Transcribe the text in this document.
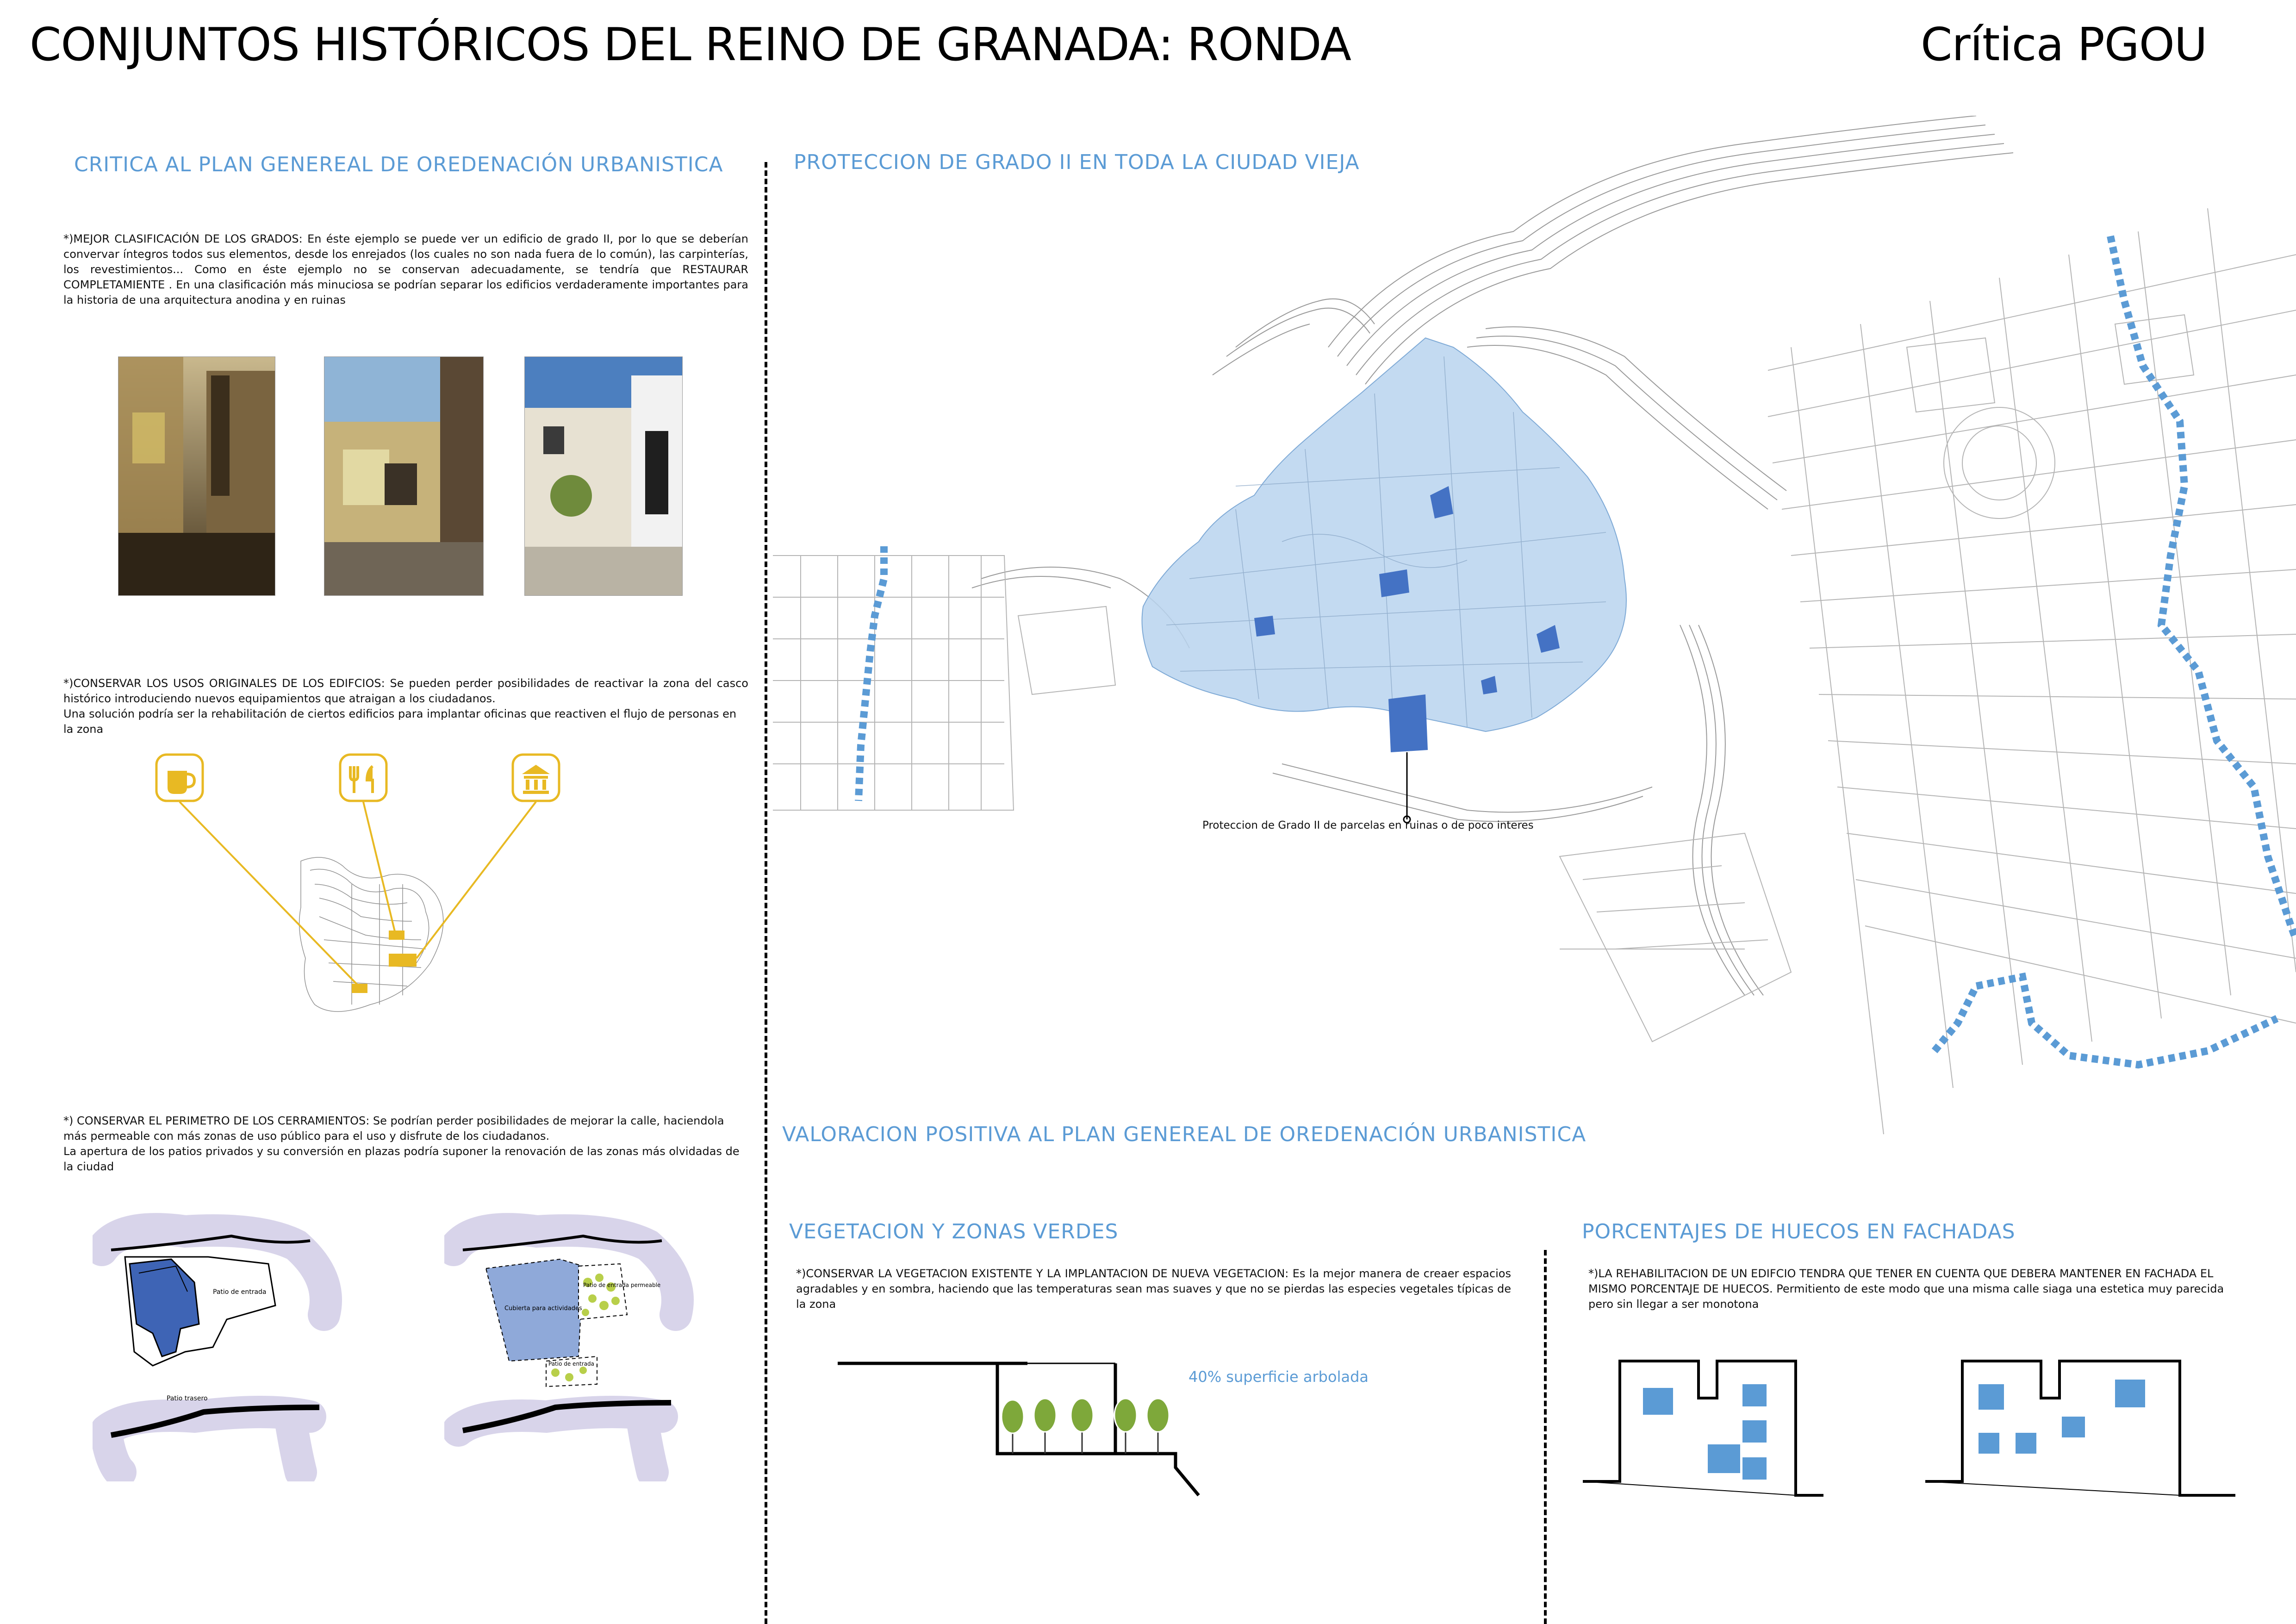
CONJUNTOS HISTÓRICOS DEL REINO DE GRANADA: RONDA	Crítica PGOU
CRITICA AL PLAN GENEREAL DE OREDENACIÓN URBANISTICA
*)MEJOR CLASIFICACIÓN DE LOS GRADOS: En éste ejemplo se puede ver un edificio de grado II, por lo que se deberían convervar íntegros todos sus elementos, desde los enrejados (los cuales no son nada fuera de lo común), las carpinterías, los revestimientos... Como en éste ejemplo no se conservan adecuadamente, se tendría que RESTAURAR COMPLETAMIENTE . En una clasificación más minuciosa se podrían separar los edificios verdaderamente importantes para la historia de una arquitectura anodina y en ruinas
*)CONSERVAR LOS USOS ORIGINALES DE LOS EDIFCIOS: Se pueden perder posibilidades de reactivar la zona del casco histórico introduciendo nuevos equipamientos que atraigan a los ciudadanos.
Una solución podría ser la rehabilitación de ciertos edificios para implantar oficinas que reactiven el flujo de personas en la zona
*) CONSERVAR EL PERIMETRO DE LOS CERRAMIENTOS: Se podrían perder posibilidades de mejorar la calle, haciendola más permeable con más zonas de uso público para el uso y disfrute de los ciudadanos.
La apertura de los patios privados y su conversión en plazas podría suponer la renovación de las zonas más olvidadas de la ciudad
Patio de entrada
Patio trasero
Cubierta para actividades
Patio de entrada permeable
Patio de entrada
PROTECCION DE GRADO II EN TODA LA CIUDAD VIEJA
Proteccion de Grado II de parcelas en ruinas o de poco interes
VALORACION POSITIVA AL PLAN GENEREAL DE OREDENACIÓN URBANISTICA
VEGETACION Y ZONAS VERDES
*)CONSERVAR LA VEGETACION EXISTENTE Y LA IMPLANTACION DE NUEVA VEGETACION: Es la mejor manera de creaer espacios agradables y en sombra, haciendo que las temperaturas sean mas suaves y que no se pierdas las especies vegetales típicas de la zona
40% superficie arbolada
PORCENTAJES DE HUECOS EN FACHADAS
*)LA REHABILITACION DE UN EDIFCIO TENDRA QUE TENER EN CUENTA QUE DEBERA MANTENER EN FACHADA EL MISMO PORCENTAJE DE HUECOS. Permitiento de este modo que una misma calle siaga una estetica muy parecida pero sin llegar a ser monotona
